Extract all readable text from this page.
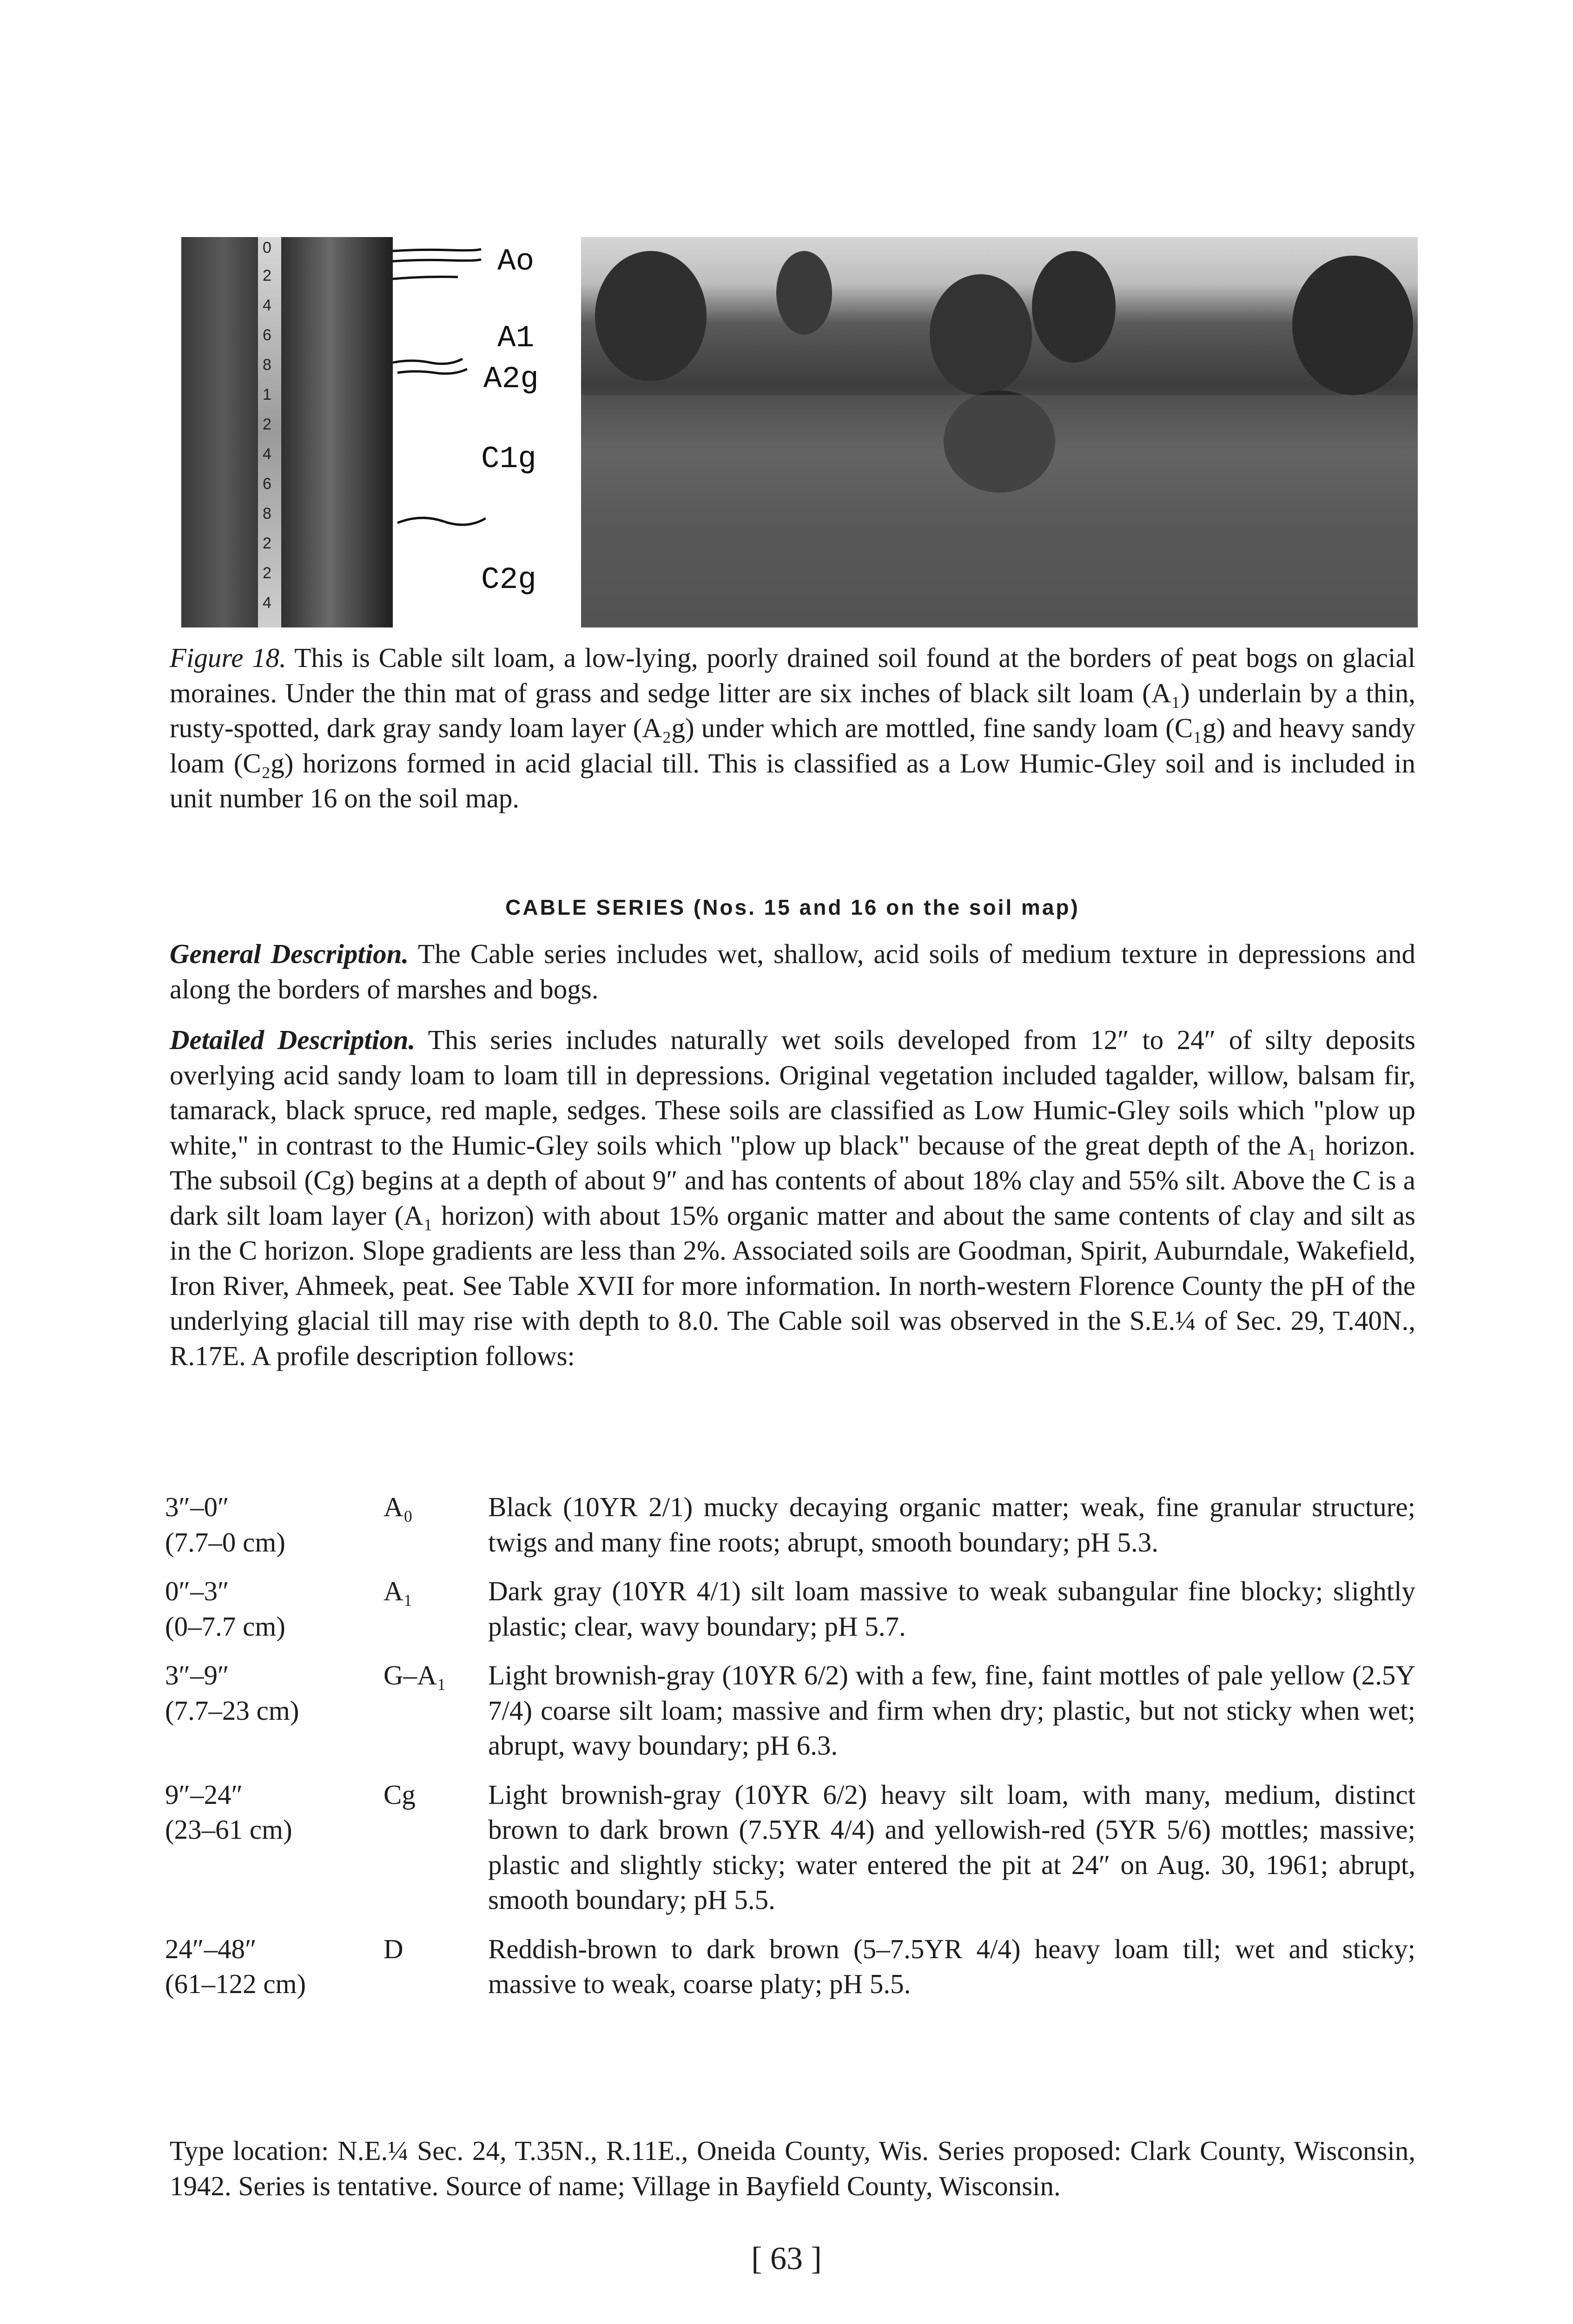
0
2
4
6
8
1
2
4
6
8
2
2
4
Ao
A1
A2g
C1g
C2g
Figure 18. This is Cable silt loam, a low-lying, poorly drained soil found at the borders of peat bogs on glacial moraines. Under the thin mat of grass and sedge litter are six inches of black silt loam (A₁) underlain by a thin, rusty-spotted, dark gray sandy loam layer (A₂g) under which are mottled, fine sandy loam (C₁g) and heavy sandy loam (C₂g) horizons formed in acid glacial till. This is classified as a Low Humic-Gley soil and is included in unit number 16 on the soil map.
CABLE SERIES (Nos. 15 and 16 on the soil map)
General Description. The Cable series includes wet, shallow, acid soils of medium texture in depressions and along the borders of marshes and bogs.
Detailed Description. This series includes naturally wet soils developed from 12″ to 24″ of silty deposits overlying acid sandy loam to loam till in depressions. Original vegetation included tagalder, willow, balsam fir, tamarack, black spruce, red maple, sedges. These soils are classified as Low Humic-Gley soils which "plow up white," in contrast to the Humic-Gley soils which "plow up black" because of the great depth of the A₁ horizon. The subsoil (Cg) begins at a depth of about 9″ and has contents of about 18% clay and 55% silt. Above the C is a dark silt loam layer (A₁ horizon) with about 15% organic matter and about the same contents of clay and silt as in the C horizon. Slope gradients are less than 2%. Associated soils are Goodman, Spirit, Auburndale, Wakefield, Iron River, Ahmeek, peat. See Table XVII for more information. In north-western Florence County the pH of the underlying glacial till may rise with depth to 8.0. The Cable soil was observed in the S.E.¼ of Sec. 29, T.40N., R.17E. A profile description follows:
3″–0″
(7.7–0 cm)
A₀	Black (10YR 2/1) mucky decaying organic matter; weak, fine granular structure; twigs and many fine roots; abrupt, smooth boundary; pH 5.3.
0″–3″
(0–7.7 cm)
A₁	Dark gray (10YR 4/1) silt loam massive to weak subangular fine blocky; slightly plastic; clear, wavy boundary; pH 5.7.
3″–9″
(7.7–23 cm)
G–A₁	Light brownish-gray (10YR 6/2) with a few, fine, faint mottles of pale yellow (2.5Y 7/4) coarse silt loam; massive and firm when dry; plastic, but not sticky when wet; abrupt, wavy boundary; pH 6.3.
9″–24″
(23–61 cm)
Cg	Light brownish-gray (10YR 6/2) heavy silt loam, with many, medium, distinct brown to dark brown (7.5YR 4/4) and yellowish-red (5YR 5/6) mottles; massive; plastic and slightly sticky; water entered the pit at 24″ on Aug. 30, 1961; abrupt, smooth boundary; pH 5.5.
24″–48″
(61–122 cm)
D	Reddish-brown to dark brown (5–7.5YR 4/4) heavy loam till; wet and sticky; massive to weak, coarse platy; pH 5.5.
Type location: N.E.¼ Sec. 24, T.35N., R.11E., Oneida County, Wis. Series proposed: Clark County, Wisconsin, 1942. Series is tentative. Source of name; Village in Bayfield County, Wisconsin.
[ 63 ]
